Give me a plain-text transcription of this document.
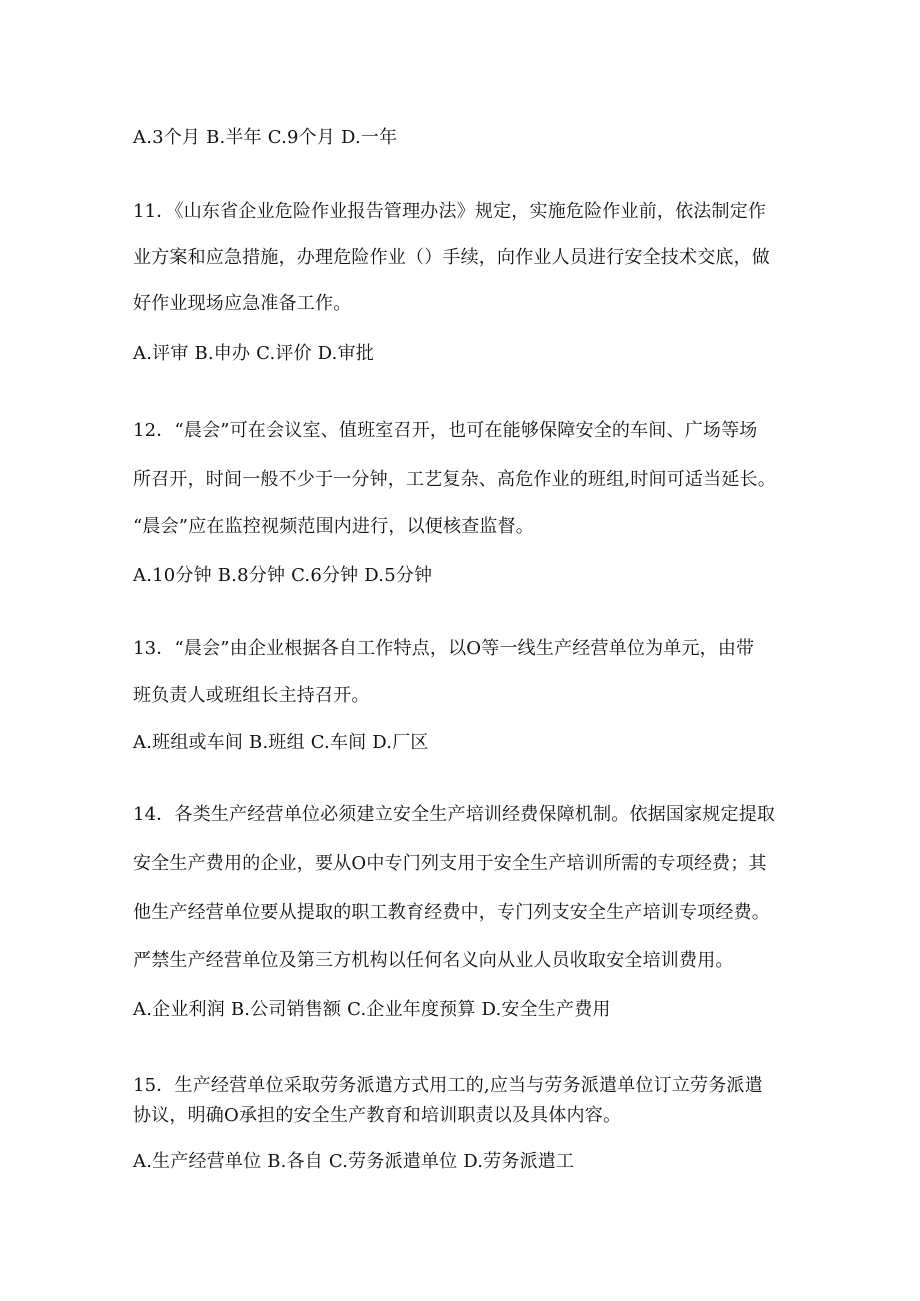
A.3个月 B.半年 C.9个月 D.一年
11．《山东省企业危险作业报告管理办法》规定，实施危险作业前，依法制定作
业方案和应急措施，办理危险作业（）手续，向作业人员进行安全技术交底，做
好作业现场应急准备工作。
A.评审 B.申办 C.评价 D.审批
12．“晨会”可在会议室、值班室召开，也可在能够保障安全的车间、广场等场
所召开，时间一般不少于一分钟，工艺复杂、高危作业的班组,时间可适当延长。
“晨会”应在监控视频范围内进行，以便核查监督。
A.10分钟 B.8分钟 C.6分钟 D.5分钟
13．“晨会”由企业根据各自工作特点，以O等一线生产经营单位为单元，由带
班负责人或班组长主持召开。
A.班组或车间 B.班组 C.车间 D.厂区
14．各类生产经营单位必须建立安全生产培训经费保障机制。依据国家规定提取
安全生产费用的企业，要从O中专门列支用于安全生产培训所需的专项经费；其
他生产经营单位要从提取的职工教育经费中，专门列支安全生产培训专项经费。
严禁生产经营单位及第三方机构以任何名义向从业人员收取安全培训费用。
A.企业利润 B.公司销售额 C.企业年度预算 D.安全生产费用
15．生产经营单位采取劳务派遣方式用工的,应当与劳务派遣单位订立劳务派遣
协议，明确O承担的安全生产教育和培训职责以及具体内容。
A.生产经营单位 B.各自 C.劳务派遣单位 D.劳务派遣工
